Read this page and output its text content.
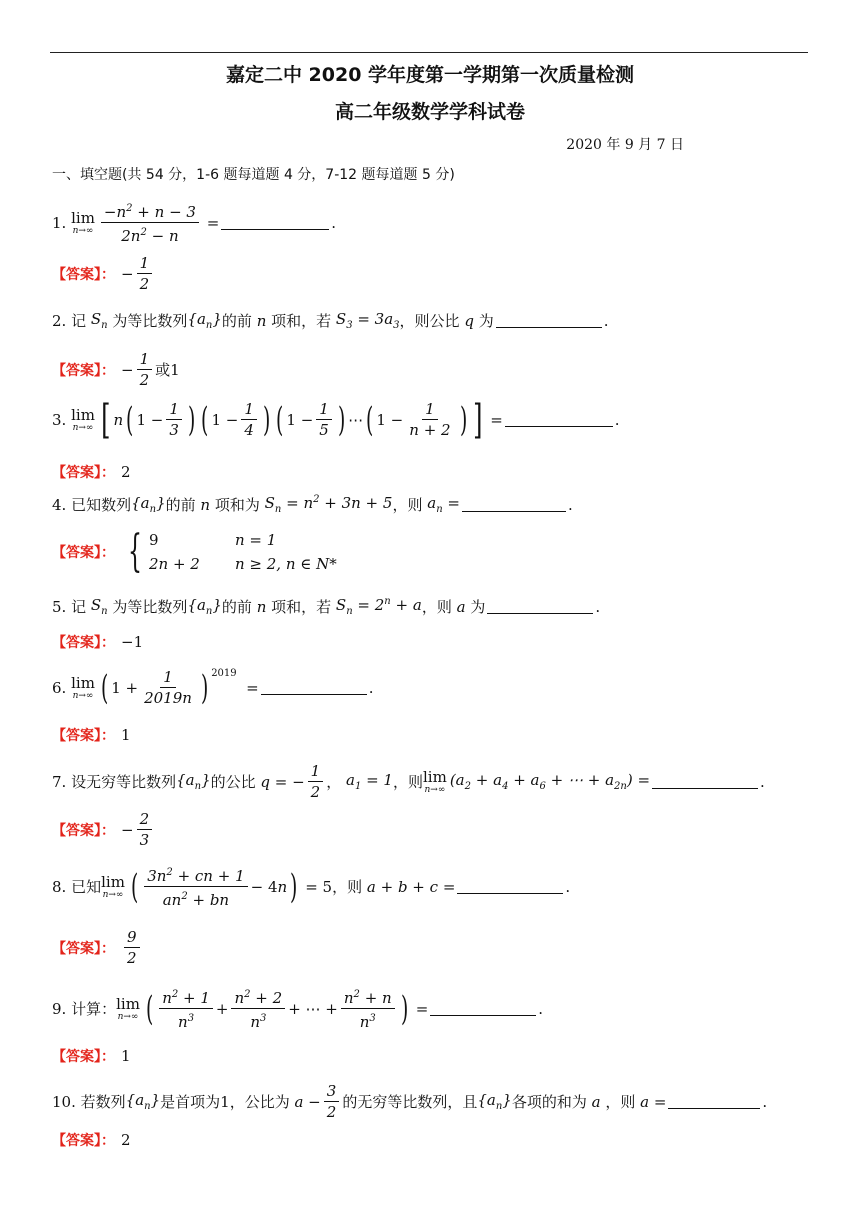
嘉定二中 2020 学年度第一学期第一次质量检测
高二年级数学学科试卷
2020 年 9 月 7 日
一、填空题(共 54 分，1-6 题每道题 4 分，7-12 题每道题 5 分)
1.
lim
$n\to\infty \frac{-n^2 + n - 3}{2n^2 - n}$ =	.
【答案】： − $\frac{1}{2}$
2.
记 $S_n$ 为等比数列 $\{a_n\}$ 的前 n 项和，若 $S_3 = 3a_3$ ，则公比 q 为	.
【答案】： − $\frac{1}{2}$ 或1
3.
lim
n→∞ [ n ( $1 - \frac{1}{3}$ ) ( $1 - \frac{1}{4}$ ) ( $1 - \frac{1}{5}$ ) ⋯ ( $1 - \frac{1}{n + 2}$ ) ] =	.
【答案】： 2
4.
已知数列 $\{a_n\}$ 的前 n 项和为 $S_n = n^2 + 3n + 5$ ，则 $a_n$ =	.
【答案】： { 9	n = 1
2n + 2 n ≥ 2, n ∈ N*
5.
记 $S_n$ 为等比数列 $\{a_n\}$ 的前 n 项和，若 $S_n = 2^n + a$ ，则 a 为	.
【答案】： −1
6.
lim
n→∞ ( $1 + \frac{1}{2019n}$ ) $^{2019}$
=	.
【答案】： 1
7.
设无穷等比数列 $\{a_n\}$ 的公比 q = − $\frac{1}{2}$ ， $a_1 = 1$ ，则 lim
n→∞
($a_2 + a_4 + a_6$ + ⋯ + $a_{2n}$) =	.
【答案】： − $\frac{2}{3}$
8.
已知 lim
n→∞ ( $\frac{3n^2 + cn + 1}{an^2 + bn} - 4$ n ) = 5 ，则 a + b + c =	.
【答案】： $\frac{9}{2}$
9.
计算： lim
n→∞ ( $\frac{n^2 + 1}{n^3} + \frac{n^2 + 2}{n^3}$ + ⋯ + $\frac{n^2 + n}{n^3}$ ) =	.
【答案】： 1
10.
若数列 $\{a_n\}$ 是首项为1，公比为 $a - \frac{3}{2}$ 的无穷等比数列，且 $\{a_n\}$ 各项的和为 a ，则 a =	.
【答案】： 2
